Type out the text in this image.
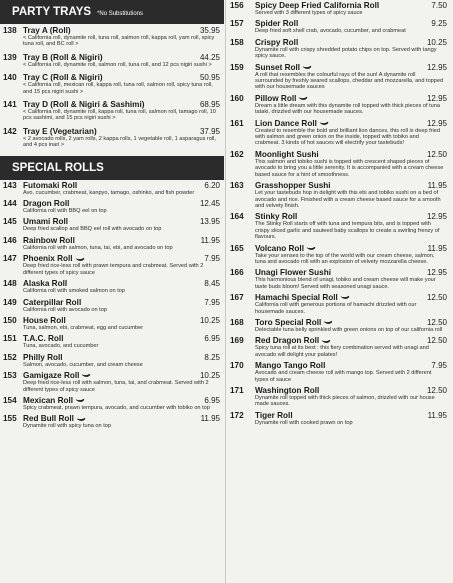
PARTY TRAYS *No Substitutions
138 Tray A (Roll)	35.95
< California roll, dynamite roll, tuna roll, salmon roll, kappa roll, yam roll, spicy tuna roll, and BC roll >
139 Tray B (Roll & Nigiri)	44.25
< California roll, dynamite roll, salmon roll, tuna roll, and 12 pcs nigiri sushi >
140 Tray C (Roll & Nigiri)	50.95
< California roll, mexican roll, kappa roll, tuna roll, salmon roll, spicy tuna roll, and 15 pcs nigiri sushi >
141 Tray D (Roll & Nigiri & Sashimi)	68.95
< California roll, dynamite roll, kappa roll, tuna roll, salmon roll, tamago roll, 10 pcs sashimi, and 15 pcs nigiri sushi >
142 Tray E (Vegetarian)	37.95
< 2 avocado rolls, 2 yam rolls, 2 kappa rolls, 1 vegetable roll, 1 asparagus roll, and 4 pcs inari >
SPECIAL ROLLS
143 Futomaki Roll	6.20
Avo, cucumber, crabmeat, kanpyo, tamago, oshinko, and fish powder
144 Dragon Roll	12.45
California roll with BBQ eel on top
145 Umami Roll	13.95
Deep fried scallop and BBQ eel roll with avocado on top
146 Rainbow Roll	11.95
California roll with salmon, tuna, tai, ebi, and avocado on top
147 Phoenix Roll	7.95
Deep fried rice-less roll with prawn tempura and crabmeat. Served with 2 different types of spicy sauce
148 Alaska Roll	8.45
California roll with smoked salmon on top
149 Caterpillar Roll	7.95
California roll with avocado on top
150 House Roll	10.25
Tuna, salmon, ebi, crabmeat, egg and cucumber
151 T.A.C. Roll	6.95
Tuna, avocado, and cucumber
152 Philly Roll	8.25
Salmon, avocado, cucumber, and cream cheese
153 Gamigaze Roll	10.25
Deep fried rice-less roll with salmon, tuna, tai, and crabmeat. Served with 2 different types of spicy sauce
154 Mexican Roll	6.95
Spicy crabmeat, prawn tempura, avocado, and cucumber with tobiko on top
155 Red Bull Roll	11.95
Dynamite roll with spicy tuna on top
156	Spicy Deep Fried California Roll	7.50
Served with 3 different types of spicy sauce
157	Spider Roll	9.25
Deep fried soft shell crab, avocado, cucumber, and crabmeat
158	Crispy Roll	10.25
Dynamite roll with crispy shredded potato chips on top. Served with tangy spicy sauce.
159	Sunset Roll	12.95
A roll that resembles the colourful rays of the sun! A dynamite roll surrounded by freshly seared scallops, cheddar and mozzarella, and topped with our housemade sauces
160	Pillow Roll	12.95
Dream a little dream with this dynamite roll topped with thick pieces of tuna tataki, drizzled with our housemade sauces.
161	Lion Dance Roll	12.95
Created to resemble the bold and brilliant lion dances, this roll is deep fried with salmon and green onion on the inside, topped with tobiko and crabmeat. 3 kinds of hot sauces will electrify your tastebuds!
162	Moonlight Sushi	12.50
This salmon and tobiko sushi is topped with crescent shaped pieces of avocado to bring you a little serenity. It is accompanied with a cream cheese based sauce for a hint of smoothness.
163	Grasshopper Sushi	11.95
Let your tastebuds hop in delight with this ebi and tobiko sushi on a bed of avocado and rice. Finished with a cream cheese based sauce for a smooth and velvety finish.
164	Stinky Roll	12.95
The Stinky Roll starts off with tuna and tempura bits, and is topped with crispy sliced garlic and sauteed baby scallops to create a swirling frenzy of flavours.
165	Volcano Roll	11.95
Take your senses to the top of the world with our cream cheese, salmon, tuna and avocado roll with an explosion of velvety mozzarella cheese.
166	Unagi Flower Sushi	12.95
This harmonious blend of unagi, tobiko and cream cheese will make your taste buds bloom! Served with seasoned unagi sauce.
167	Hamachi Special Roll	12.50
California roll with generous portions of hamachi drizzled with our housemade sauces.
168	Toro Special Roll	12.50
Delectable tuna belly sprinkled with green onions on top of our california roll
169	Red Dragon Roll	12.50
Spicy tuna roll at its best : this fiery combination served with unagi and avocado will delight your palates!
170	Mango Tango Roll	7.95
Avocado and cream cheese roll with mango top. Served with 2 different types of sauce
171	Washington Roll	12.50
Dynamite roll topped with thick pieces of salmon, drizzled with our house made sauces.
172	Tiger Roll	11.95
Dynamite roll with cooked prawn on top
